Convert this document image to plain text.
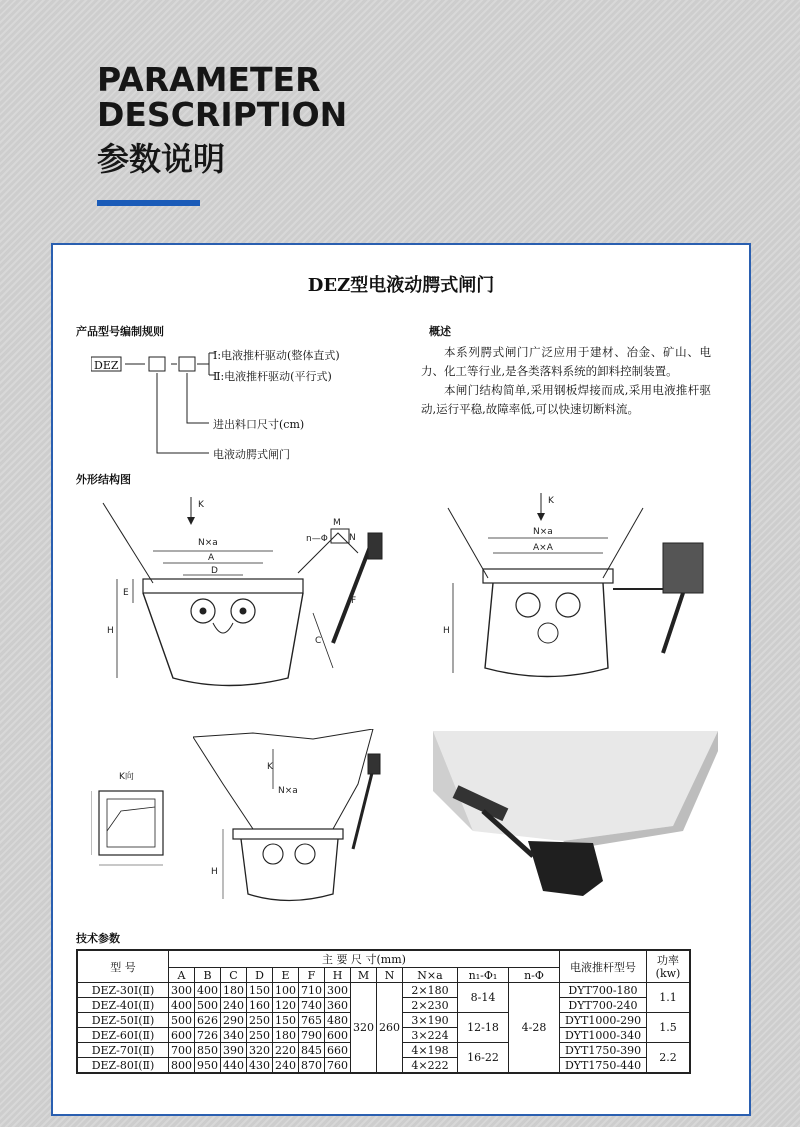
PARAMETER
DESCRIPTION
参数说明
DEZ型电液动腭式闸门
产品型号编制规则
DEZ
Ⅰ:电液推杆驱动(整体直式)
Ⅱ:电液推杆驱动(平行式)
进出料口尺寸(cm)
电液动腭式闸门
概述

本系列腭式闸门广泛应用于建材、冶金、矿山、电力、化工等行业,是各类落料系统的卸料控制装置。

本闸门结构简单,采用钢板焊接而成,采用电液推杆驱动,运行平稳,故障率低,可以快速切断料流。

外形结构图
K
N×a
A
D
E
H
M
N
n—Φ
C
F
K
N×a
A×A
H
K向
K
N×a
H
技术参数
型 号	主 要 尺 寸(mm)												电液推杆型号	功率(kw)
	A	B	C	D	E	F	H	M	N	N×a	n₁-Φ₁	n-Φ		
DEZ-30Ⅰ(Ⅱ)	300	400	180	150	100	710	300	320	260	2×180	8-14	4-28	DYT700-180	1.1
DEZ-40Ⅰ(Ⅱ)	400	500	240	160	120	740	360			2×230			DYT700-240	
DEZ-50Ⅰ(Ⅱ)	500	626	290	250	150	765	480			3×190	12-18		DYT1000-290	1.5
DEZ-60Ⅰ(Ⅱ)	600	726	340	250	180	790	600			3×224			DYT1000-340	
DEZ-70Ⅰ(Ⅱ)	700	850	390	320	220	845	660			4×198	16-22		DYT1750-390	2.2
DEZ-80Ⅰ(Ⅱ)	800	950	440	430	240	870	760			4×222			DYT1750-440	
